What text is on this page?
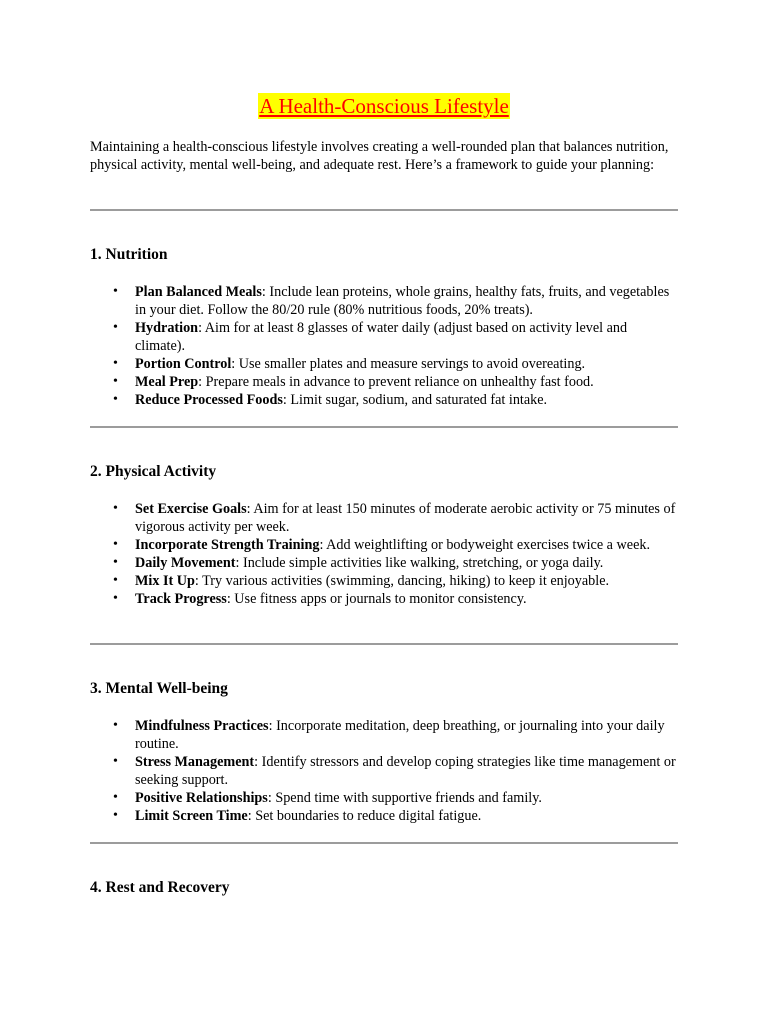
A Health-Conscious Lifestyle

Maintaining a health-conscious lifestyle involves creating a well-rounded plan that balances nutrition, physical activity, mental well-being, and adequate rest. Here’s a framework to guide your planning:

1. Nutrition
• Plan Balanced Meals: Include lean proteins, whole grains, healthy fats, fruits, and vegetables in your diet. Follow the 80/20 rule (80% nutritious foods, 20% treats).
• Hydration: Aim for at least 8 glasses of water daily (adjust based on activity level and climate).
• Portion Control: Use smaller plates and measure servings to avoid overeating.
• Meal Prep: Prepare meals in advance to prevent reliance on unhealthy fast food.
• Reduce Processed Foods: Limit sugar, sodium, and saturated fat intake.
2. Physical Activity
• Set Exercise Goals: Aim for at least 150 minutes of moderate aerobic activity or 75 minutes of vigorous activity per week.
• Incorporate Strength Training: Add weightlifting or bodyweight exercises twice a week.
• Daily Movement: Include simple activities like walking, stretching, or yoga daily.
• Mix It Up: Try various activities (swimming, dancing, hiking) to keep it enjoyable.
• Track Progress: Use fitness apps or journals to monitor consistency.
3. Mental Well-being
• Mindfulness Practices: Incorporate meditation, deep breathing, or journaling into your daily routine.
• Stress Management: Identify stressors and develop coping strategies like time management or seeking support.
• Positive Relationships: Spend time with supportive friends and family.
• Limit Screen Time: Set boundaries to reduce digital fatigue.
4. Rest and Recovery
